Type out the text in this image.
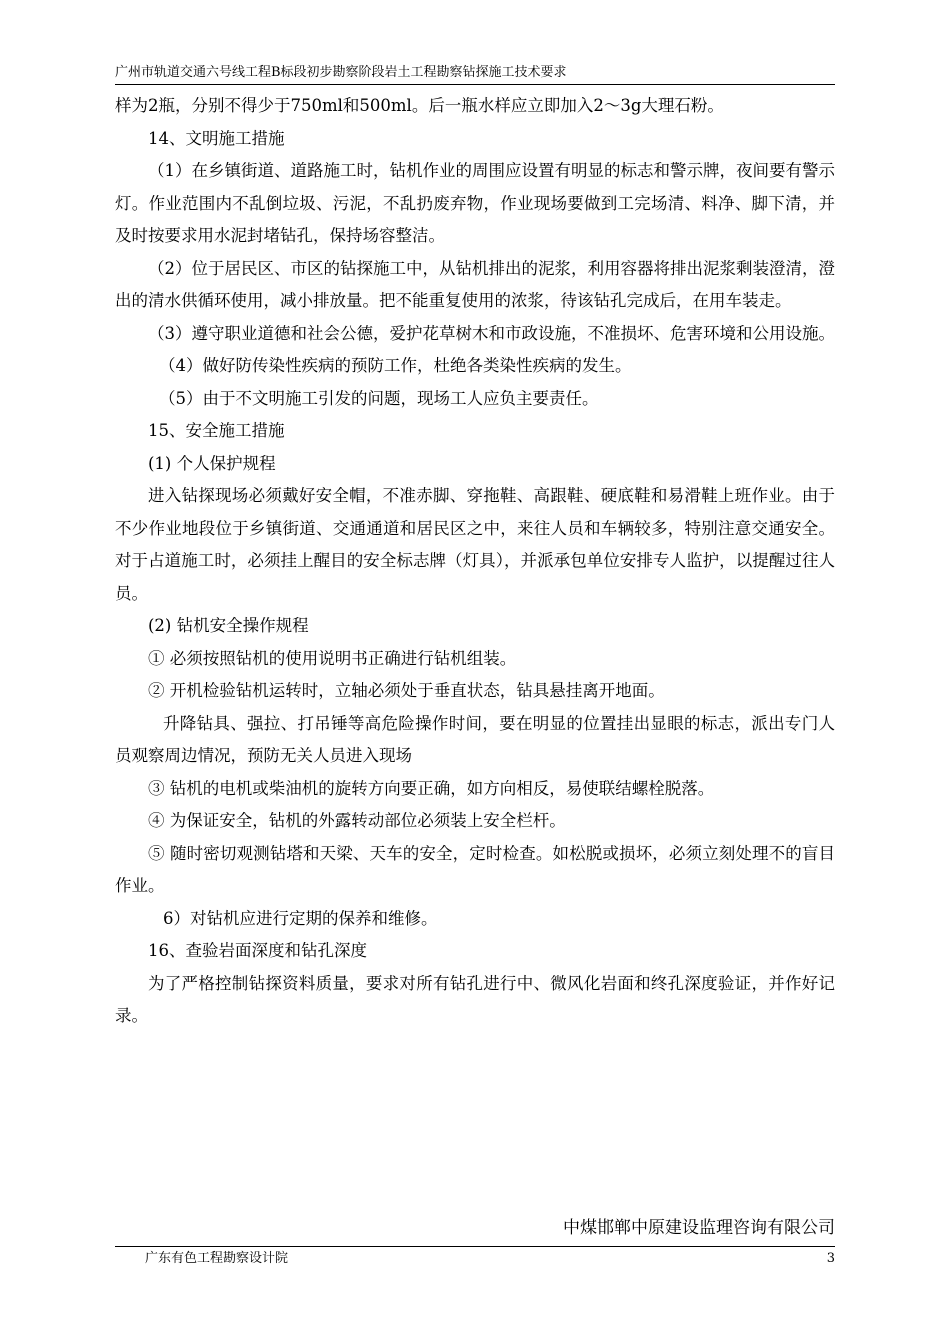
广州市轨道交通六号线工程B标段初步勘察阶段岩土工程勘察钻探施工技术要求

样为2瓶，分别不得少于750ml和500ml。后一瓶水样应立即加入2～3g大理石粉。

14、文明施工措施

（1）在乡镇街道、道路施工时，钻机作业的周围应设置有明显的标志和警示牌，夜间要有警示灯。作业范围内不乱倒垃圾、污泥，不乱扔废弃物，作业现场要做到工完场清、料净、脚下清，并及时按要求用水泥封堵钻孔，保持场容整洁。

（2）位于居民区、市区的钻探施工中，从钻机排出的泥浆，利用容器将排出泥浆剩装澄清，澄出的清水供循环使用，减小排放量。把不能重复使用的浓浆，待该钻孔完成后，在用车装走。

（3）遵守职业道德和社会公德，爱护花草树木和市政设施，不准损坏、危害环境和公用设施。

（4）做好防传染性疾病的预防工作，杜绝各类染性疾病的发生。

（5）由于不文明施工引发的问题，现场工人应负主要责任。

15、安全施工措施

(1) 个人保护规程

进入钻探现场必须戴好安全帽，不准赤脚、穿拖鞋、高跟鞋、硬底鞋和易滑鞋上班作业。由于不少作业地段位于乡镇街道、交通通道和居民区之中，来往人员和车辆较多，特别注意交通安全。对于占道施工时，必须挂上醒目的安全标志牌（灯具），并派承包单位安排专人监护，以提醒过往人员。

(2) 钻机安全操作规程

① 必须按照钻机的使用说明书正确进行钻机组装。

② 开机检验钻机运转时，立轴必须处于垂直状态，钻具悬挂离开地面。

升降钻具、强拉、打吊锤等高危险操作时间，要在明显的位置挂出显眼的标志，派出专门人员观察周边情况，预防无关人员进入现场

③ 钻机的电机或柴油机的旋转方向要正确，如方向相反，易使联结螺栓脱落。

④ 为保证安全，钻机的外露转动部位必须装上安全栏杆。

⑤ 随时密切观测钻塔和天梁、天车的安全，定时检查。如松脱或损坏，必须立刻处理不的盲目作业。

6）对钻机应进行定期的保养和维修。

16、查验岩面深度和钻孔深度

为了严格控制钻探资料质量，要求对所有钻孔进行中、微风化岩面和终孔深度验证，并作好记录。

中煤邯郸中原建设监理咨询有限公司
广东有色工程勘察设计院	3
